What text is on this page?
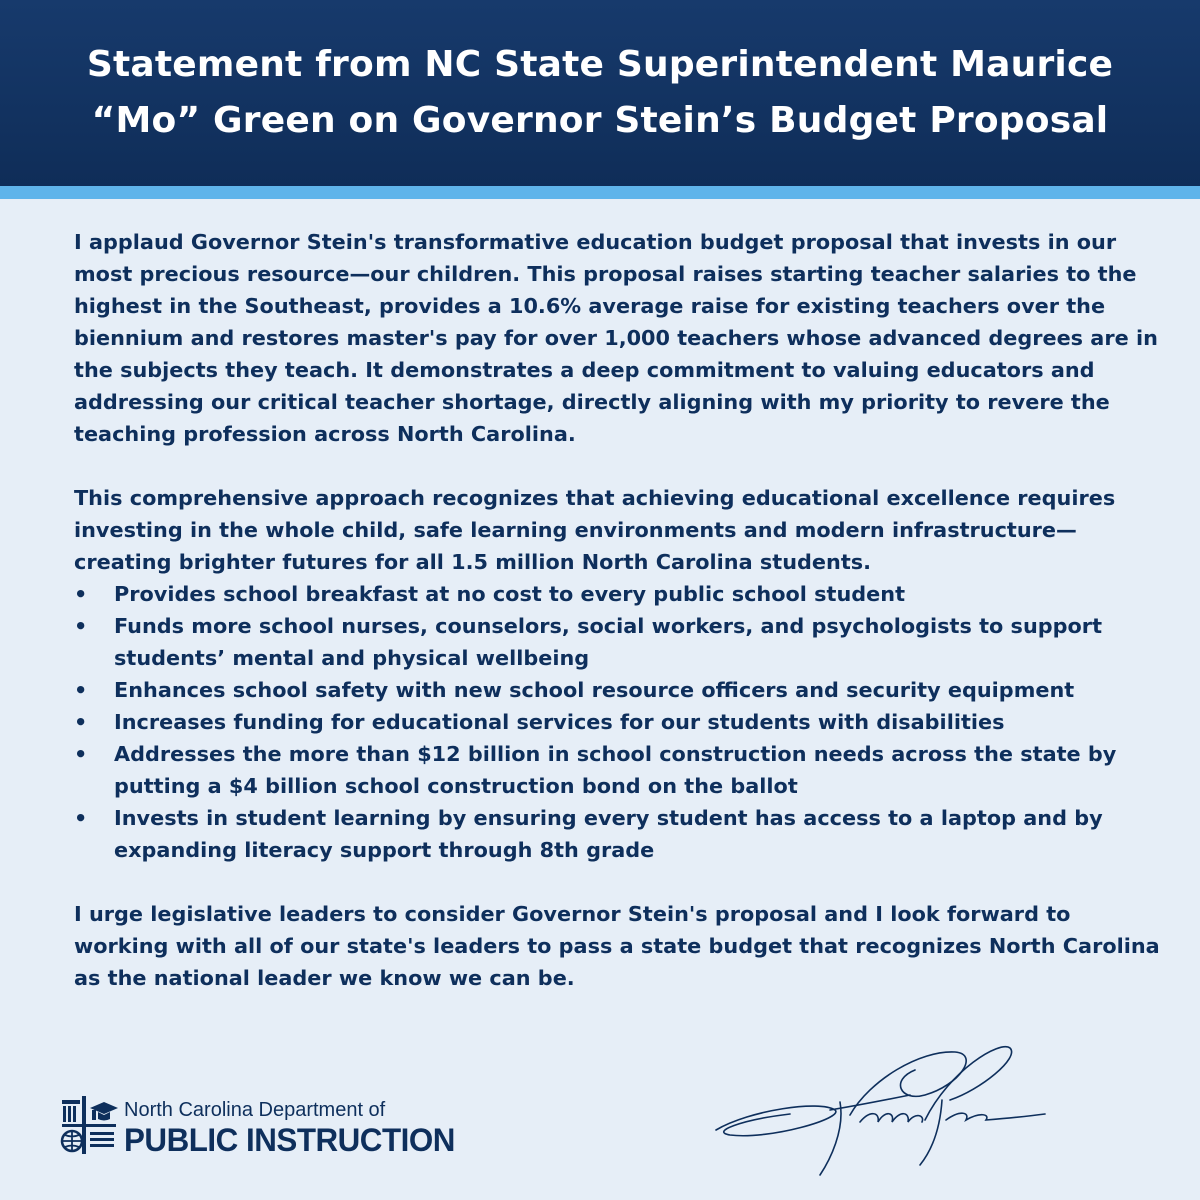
Statement from NC State Superintendent Maurice
“Mo” Green on Governor Stein’s Budget Proposal

I applaud Governor Stein's transformative education budget proposal that invests in our most precious resource—our children. This proposal raises starting teacher salaries to the highest in the Southeast, provides a 10.6% average raise for existing teachers over the biennium and restores master's pay for over 1,000 teachers whose advanced degrees are in the subjects they teach. It demonstrates a deep commitment to valuing educators and addressing our critical teacher shortage, directly aligning with my priority to revere the teaching profession across North Carolina.

This comprehensive approach recognizes that achieving educational excellence requires investing in the whole child, safe learning environments and modern infrastructure—creating brighter futures for all 1.5 million North Carolina students.

•	Provides school breakfast at no cost to every public school student
•	Funds more school nurses, counselors, social workers, and psychologists to support students’ mental and physical wellbeing
•	Enhances school safety with new school resource officers and security equipment
•	Increases funding for educational services for our students with disabilities
•	Addresses the more than $12 billion in school construction needs across the state by putting a $4 billion school construction bond on the ballot
•	Invests in student learning by ensuring every student has access to a laptop and by expanding literacy support through 8th grade

I urge legislative leaders to consider Governor Stein's proposal and I look forward to working with all of our state's leaders to pass a state budget that recognizes North Carolina as the national leader we know we can be.

North Carolina Department of
PUBLIC INSTRUCTION
